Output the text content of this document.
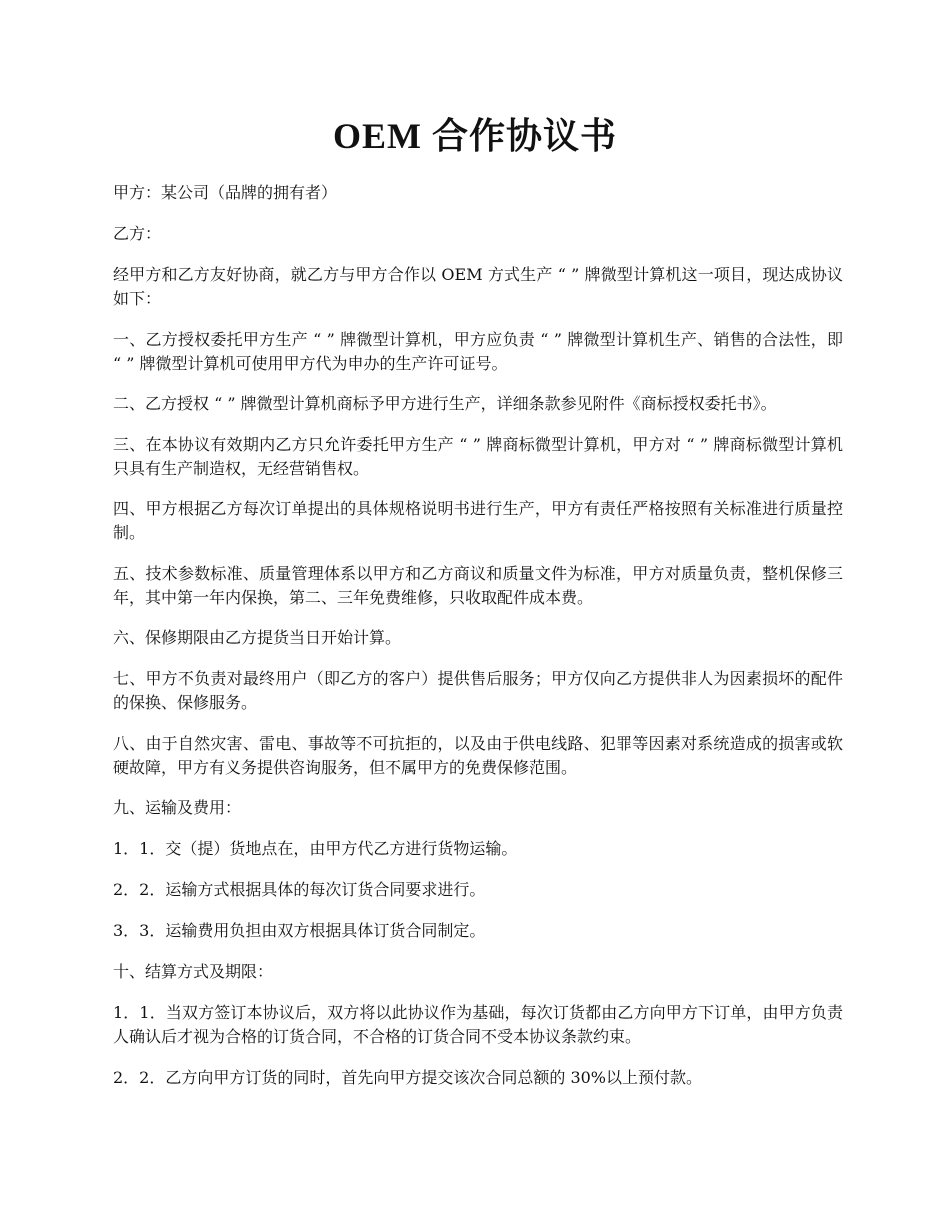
OEM 合作协议书

甲方：某公司（品牌的拥有者）

乙方：

经甲方和乙方友好协商，就乙方与甲方合作以 OEM 方式生产 “ ” 牌微型计算机这一项目，现达成协议如下：

一、乙方授权委托甲方生产 “ ” 牌微型计算机，甲方应负责 “ ” 牌微型计算机生产、销售的合法性，即 “ ” 牌微型计算机可使用甲方代为申办的生产许可证号。

二、乙方授权 “ ” 牌微型计算机商标予甲方进行生产，详细条款参见附件《商标授权委托书》。

三、在本协议有效期内乙方只允许委托甲方生产 “ ” 牌商标微型计算机，甲方对 “ ” 牌商标微型计算机只具有生产制造权，无经营销售权。

四、甲方根据乙方每次订单提出的具体规格说明书进行生产，甲方有责任严格按照有关标准进行质量控制。

五、技术参数标准、质量管理体系以甲方和乙方商议和质量文件为标准，甲方对质量负责，整机保修三年，其中第一年内保换，第二、三年免费维修，只收取配件成本费。

六、保修期限由乙方提货当日开始计算。

七、甲方不负责对最终用户（即乙方的客户）提供售后服务；甲方仅向乙方提供非人为因素损坏的配件的保换、保修服务。

八、由于自然灾害、雷电、事故等不可抗拒的，以及由于供电线路、犯罪等因素对系统造成的损害或软硬故障，甲方有义务提供咨询服务，但不属甲方的免费保修范围。

九、运输及费用：

1．1．交（提）货地点在，由甲方代乙方进行货物运输。

2．2．运输方式根据具体的每次订货合同要求进行。

3．3．运输费用负担由双方根据具体订货合同制定。

十、结算方式及期限：

1．1．当双方签订本协议后，双方将以此协议作为基础，每次订货都由乙方向甲方下订单，由甲方负责人确认后才视为合格的订货合同，不合格的订货合同不受本协议条款约束。

2．2．乙方向甲方订货的同时，首先向甲方提交该次合同总额的 30%以上预付款。
